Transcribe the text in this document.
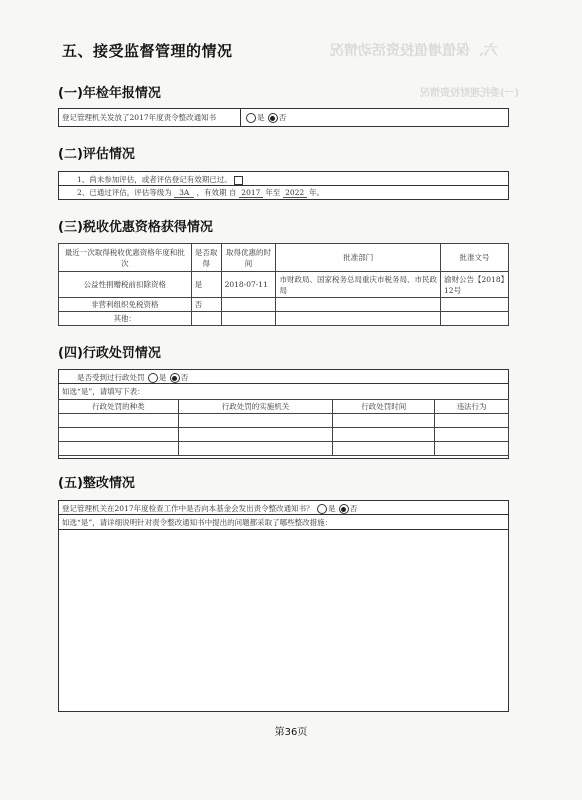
六、保值增值投资活动情况
(一)委托理财投资情况
五、接受监督管理的情况
(一)年检年报情况
登记管理机关发放了2017年度责令整改通知书	是 否
(二)评估情况
1、尚未参加评估，或者评估登记有效期已过。
2、已通过评估，评估等级为 3A ，有效期 自 2017 年至 2022 年。
(三)税收优惠资格获得情况
最近一次取得税收优惠资格年度和批次	是否取得	取得优惠的时间	批准部门	批准文号
公益性捐赠税前扣除资格	是	2018-07-11	市财政局、国家税务总局重庆市税务局、市民政局	渝财公告【2018】12号
非营利组织免税资格	否			
其他：				
(四)行政处罚情况
是否受到过行政处罚 是 否
如选“是”，请填写下表：
行政处罚的种类	行政处罚的实施机关	行政处罚时间	违法行为

(五)整改情况
登记管理机关在2017年度检查工作中是否向本基金会发出责令整改通知书？ 是 否
如选“是”，请详细说明针对责令整改通知书中提出的问题都采取了哪些整改措施：
第36页
